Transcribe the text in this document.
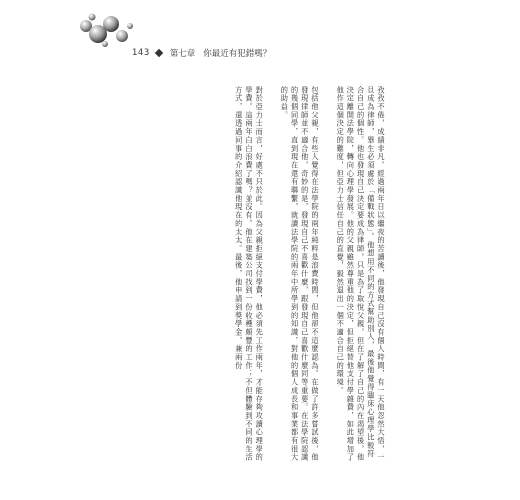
143 第七章 你最近有犯錯嗎？

孜孜不倦，成績非凡。經過兩年日以繼夜的苦讀後，他發現自己沒有個人時間，有一天他忽然大悟，一旦成為律師，畢生必須處於「備戰狀態」。他想用不同的方式幫助別人，最後他覺得臨床心理學比較符合自己的個性。他也發現自己決定要成為律師，只是為了取悅父親，但在了解了自己的內在渴望後，他決定離開法學院，轉向心理學發展。他的父親雖然尊重他的決定，但拒絕替他支付學雜費，如此增加了他作這個決定的難度，但亞力士信任自己的直覺，毅然退出一個不適合自己的環境。

包括他父親，有些人覺得在法學院的兩年純粹是浪費時間，但他卻不這麼認為。在做了許多嘗試後，他發現律師並不適合他，奇妙的是，發現自己不喜歡什麼，跟發現自己喜歡什麼同等重要。在法學院認識的幾個同學，直到現在還有聯繫，就讀法學院的兩年中所學到的知識，對他的個人成長和事業都有很大的助益。

對於亞力士而言，好處不只於此。因為父親拒絕支付學費，他必須先工作兩年，才能存夠攻讀心理學的學費。這兩年白白浪費了嗎？並沒有。他在建築公司找到一份收穫頗豐的工作；不但體驗到不同的生活方式，還透過同事的介紹認識他現在的太太。最後，他申請到獎學金，兼兩份
